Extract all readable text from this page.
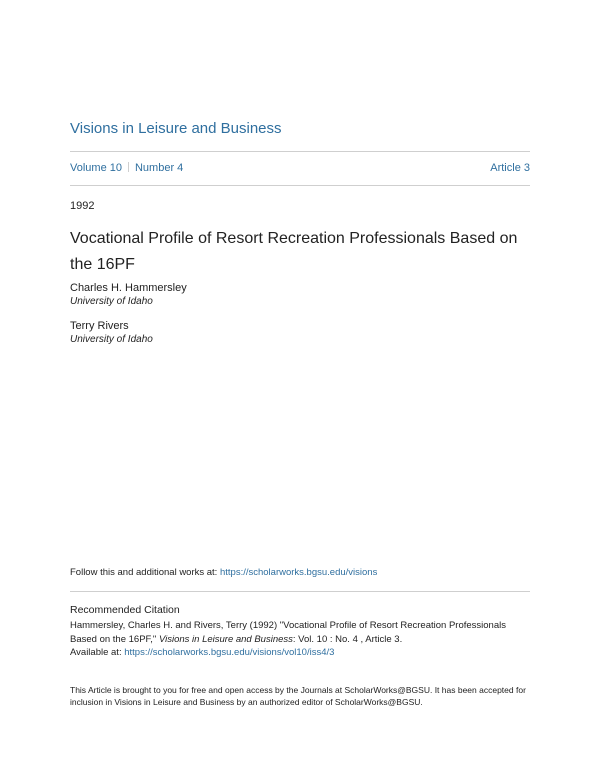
Visions in Leisure and Business
Volume 10 Number 4	Article 3
1992
Vocational Profile of Resort Recreation Professionals Based on the 16PF
Charles H. Hammersley
University of Idaho
Terry Rivers
University of Idaho
Follow this and additional works at: https://scholarworks.bgsu.edu/visions
Recommended Citation
Hammersley, Charles H. and Rivers, Terry (1992) "Vocational Profile of Resort Recreation Professionals Based on the 16PF," Visions in Leisure and Business: Vol. 10 : No. 4 , Article 3.
Available at: https://scholarworks.bgsu.edu/visions/vol10/iss4/3
This Article is brought to you for free and open access by the Journals at ScholarWorks@BGSU. It has been accepted for inclusion in Visions in Leisure and Business by an authorized editor of ScholarWorks@BGSU.
